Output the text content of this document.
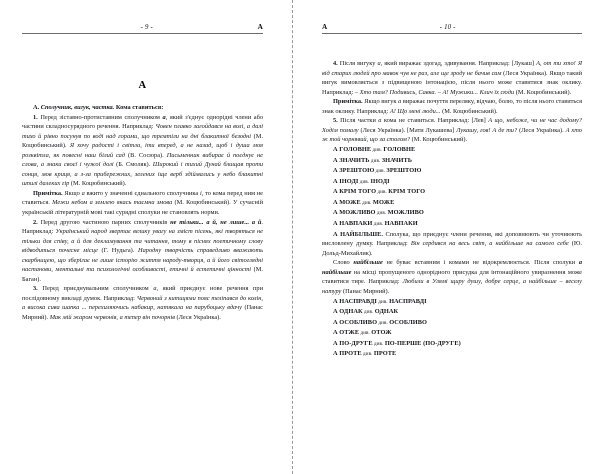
- 9 -	A
A

A. Сполучник, вигук, частка. Кома ставиться:

1. Перед зіставно-протиставним сполучником а, який з'єднує однорідні члени або частини складносурядного речення. Наприклад: Човен плавко загойдався на волі, а далі тихо й рівно посунув по воді над горами, що тремтіли на дні блакитної безодні (М. Коцюбинський). Я хочу радості і світла, іти вперед, а не назад, щоб і душа моя розквітла, як повесні наш білий сад (В. Сосюра). Письменник вибирає й поєднує не слова, а знаки своєї і чужої долі (Б. Смоляк). Широкий і тихий Дунай блищав проти сонця, мов криця, а з-за прибережних, зелених іще верб здіймались у небо блакитні шпилі далеких гір (М. Коцюбинський).

Примітка. Якщо а вжито у значенні єднального сполучника і, то кома перед ним не ставиться. Межи небом а землею якась таємна змова (М. Коцюбинський). У сучасній українській літературній мові такі сурядні сполуки не становлять норми.

2. Перед другою частиною парних сполучників не тільки... а й, не лише... а й. Наприклад: Український народ звертає велику увагу на зміст пісень, які творяться не тільки для співу, а й для декламування та читання, тому в піснях поетичному слову відводиться почесне місце (Г. Нудьга). Народну творчість справедливо вважають скарбницею, що зберігає не лише історію життя народу-творця, а й його світоглядні настанови, ментальні та психологічні особливості, етичні й естетичні цінності (М. Баган).

3. Перед приєднувальним сполучником а, який приєднує нове речення при послідовному викладі думок. Наприклад: Червоний з китицями пояс теліпався до колін, а висока сива шапка ... перехиляючись набакир, натякала на парубоцьку вдачу (Панас Мирний). Мак мій жаром червонів, а тепер він почорнів (Леся Українка).

A	- 10 -

4. Після вигуку а, який виражає здогад, здивування. Наприклад: [Лукаш] А, от ти хто! Я від старих людей про мавок чув не раз, але ще зроду не бачив сам (Леся Українка). Якщо такий вигук вимовляється з підвищеною інтонацією, після нього може ставитися знак оклику. Наприклад: – Хто там? Подивись, Савка. – А! Мужики... Клич їх сюди (М. Коцюбинський).

Примітка. Якщо вигук а виражає почуття переляку, відчаю, болю, то після нього ставиться знак оклику. Наприклад: А! Що мені люди... (М. Коцюбинський).

5. Після частки а кома не ставиться. Наприклад: [Лев] А що, небоже, чи не час додому? Ходім помалу (Леся Українка). [Мати Лукашева] Лукашу, гов! А де ти? (Леся Українка). А хто ж той чорнявий, що за столом? (М. Коцюбинський).

А ГОЛОВНЕ див. ГОЛОВНЕ

А ЗНАЧИТЬ див. ЗНАЧИТЬ

А ЗРЕШТОЮ див. ЗРЕШТОЮ

А ІНОДІ див. ІНОДІ

А КРІМ ТОГО див. КРІМ ТОГО

А МОЖЕ див. МОЖЕ

А МОЖЛИВО див. МОЖЛИВО

А НАВПАКИ див. НАВПАКИ

А НАЙБІЛЬШЕ. Сполука, що приєднує члени речення, які доповнюють чи уточнюють висловлену думку. Наприклад: Він сердився на весь світ, а найбільше на самого себе (Ю. Дольд-Михайлик).

Слово найбільше не буває вставним і комами не відокремлюється. Після сполуки а найбільше на місці пропущеного однорідного присудка для інтонаційного увиразнення може ставитися тире. Наприклад: Любили в Улямі щиру душу, добре серце, а найбільше – веселу натуру (Панас Мирний).

А НАСПРАВДІ див. НАСПРАВДІ

А ОДНАК див. ОДНАК

А ОСОБЛИВО див. ОСОБЛИВО

А ОТЖЕ див. ОТОЖ

А ПО-ДРУГЕ див. ПО-ПЕРШЕ (ПО-ДРУГЕ)

А ПРОТЕ див. ПРОТЕ
